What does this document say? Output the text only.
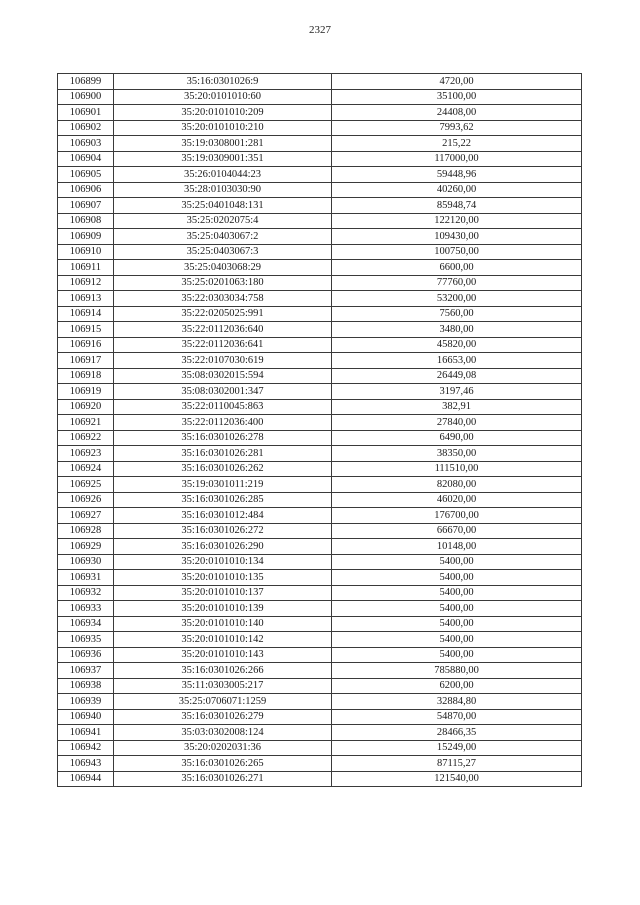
2327
106899	35:16:0301026:9	4720,00
106900	35:20:0101010:60	35100,00
106901	35:20:0101010:209	24408,00
106902	35:20:0101010:210	7993,62
106903	35:19:0308001:281	215,22
106904	35:19:0309001:351	117000,00
106905	35:26:0104044:23	59448,96
106906	35:28:0103030:90	40260,00
106907	35:25:0401048:131	85948,74
106908	35:25:0202075:4	122120,00
106909	35:25:0403067:2	109430,00
106910	35:25:0403067:3	100750,00
106911	35:25:0403068:29	6600,00
106912	35:25:0201063:180	77760,00
106913	35:22:0303034:758	53200,00
106914	35:22:0205025:991	7560,00
106915	35:22:0112036:640	3480,00
106916	35:22:0112036:641	45820,00
106917	35:22:0107030:619	16653,00
106918	35:08:0302015:594	26449,08
106919	35:08:0302001:347	3197,46
106920	35:22:0110045:863	382,91
106921	35:22:0112036:400	27840,00
106922	35:16:0301026:278	6490,00
106923	35:16:0301026:281	38350,00
106924	35:16:0301026:262	111510,00
106925	35:19:0301011:219	82080,00
106926	35:16:0301026:285	46020,00
106927	35:16:0301012:484	176700,00
106928	35:16:0301026:272	66670,00
106929	35:16:0301026:290	10148,00
106930	35:20:0101010:134	5400,00
106931	35:20:0101010:135	5400,00
106932	35:20:0101010:137	5400,00
106933	35:20:0101010:139	5400,00
106934	35:20:0101010:140	5400,00
106935	35:20:0101010:142	5400,00
106936	35:20:0101010:143	5400,00
106937	35:16:0301026:266	785880,00
106938	35:11:0303005:217	6200,00
106939	35:25:0706071:1259	32884,80
106940	35:16:0301026:279	54870,00
106941	35:03:0302008:124	28466,35
106942	35:20:0202031:36	15249,00
106943	35:16:0301026:265	87115,27
106944	35:16:0301026:271	121540,00
